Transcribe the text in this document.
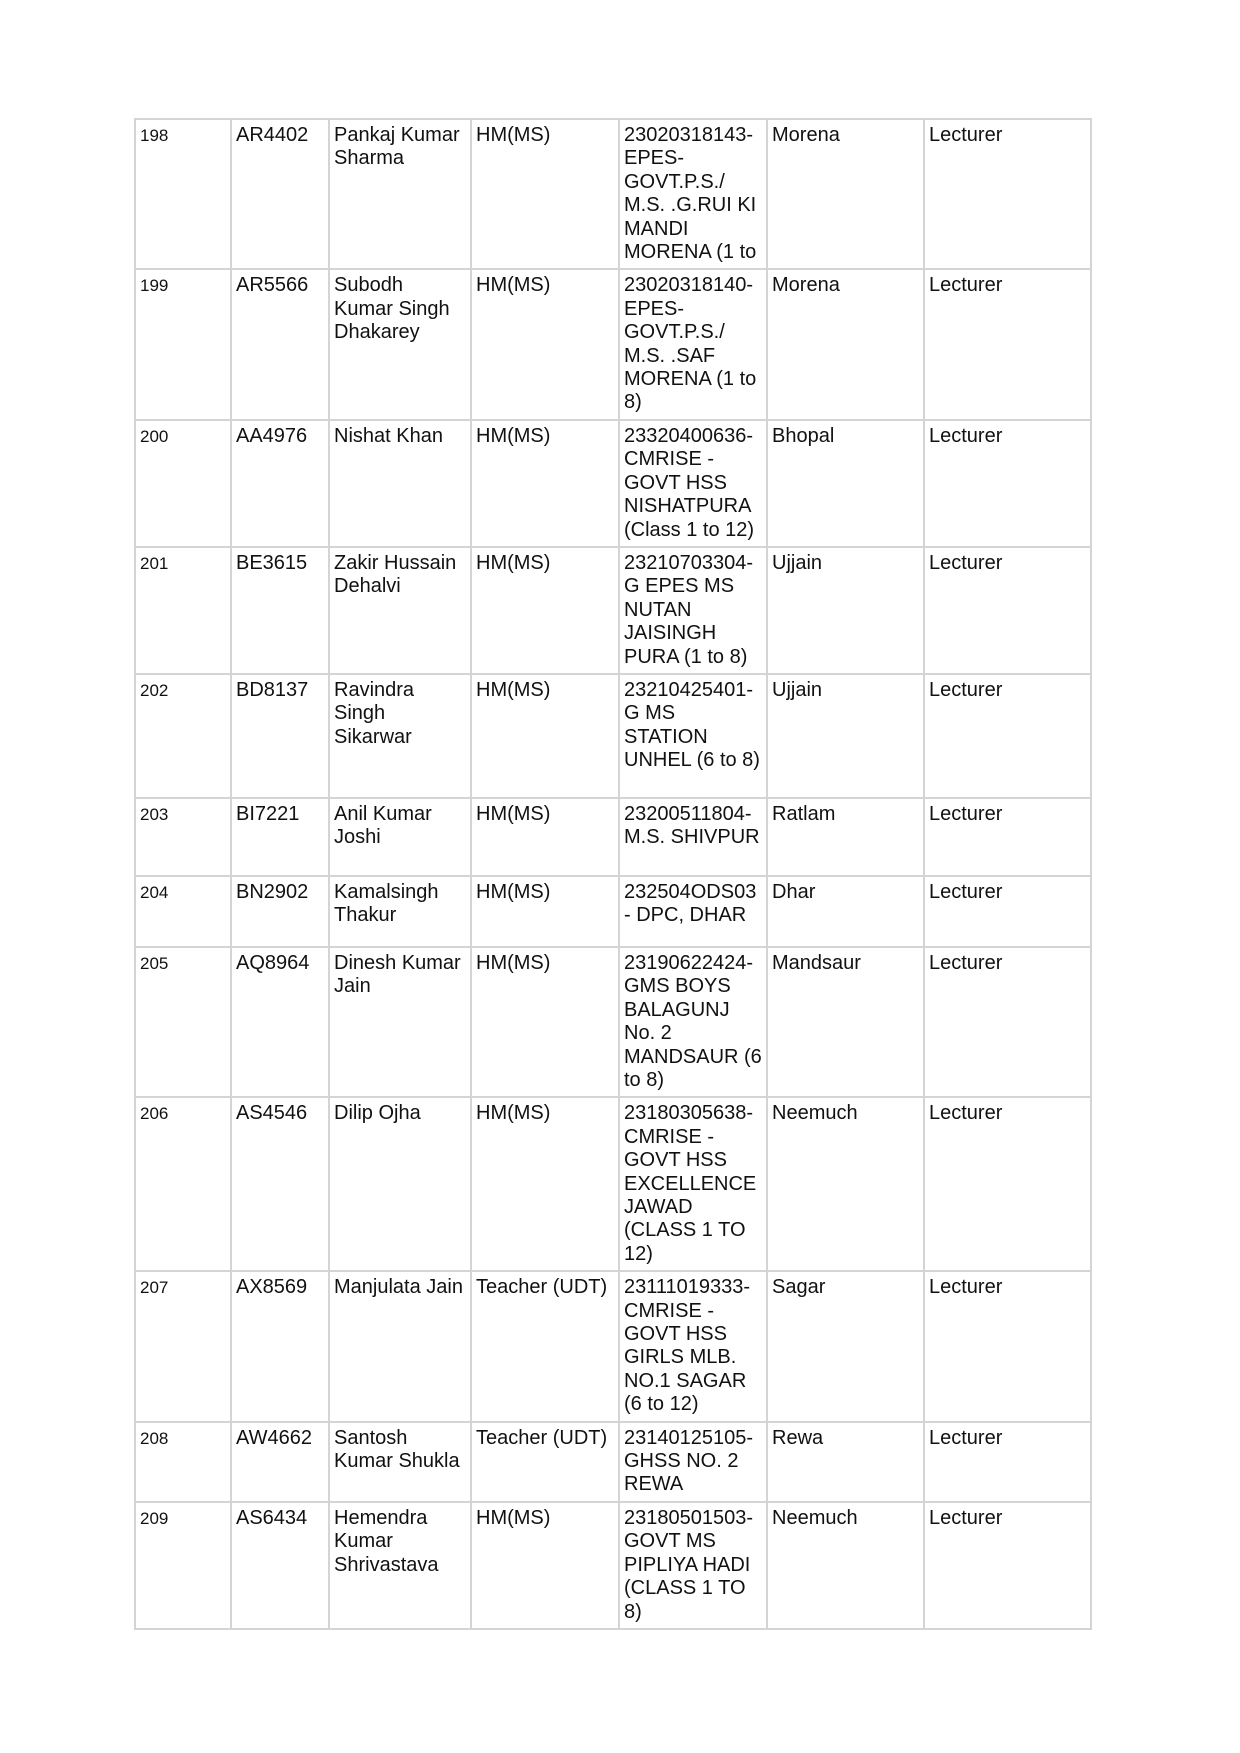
198	AR4402	Pankaj Kumar Sharma	HM(MS)	23020318143-EPES-GOVT.P.S./ M.S. .G.RUI KI MANDI MORENA (1 to	Morena	Lecturer
199	AR5566	Subodh Kumar Singh Dhakarey	HM(MS)	23020318140-EPES-GOVT.P.S./ M.S. .SAF MORENA (1 to 8)	Morena	Lecturer
200	AA4976	Nishat Khan	HM(MS)	23320400636-CMRISE - GOVT HSS NISHATPURA (Class 1 to 12)	Bhopal	Lecturer
201	BE3615	Zakir Hussain Dehalvi	HM(MS)	23210703304-G EPES MS NUTAN JAISINGH PURA (1 to 8)	Ujjain	Lecturer
202	BD8137	Ravindra Singh Sikarwar	HM(MS)	23210425401-G MS STATION UNHEL (6 to 8)	Ujjain	Lecturer
203	BI7221	Anil Kumar Joshi	HM(MS)	23200511804-M.S. SHIVPUR	Ratlam	Lecturer
204	BN2902	Kamalsingh Thakur	HM(MS)	232504ODS03 - DPC, DHAR	Dhar	Lecturer
205	AQ8964	Dinesh Kumar Jain	HM(MS)	23190622424-GMS BOYS BALAGUNJ No. 2 MANDSAUR (6 to 8)	Mandsaur	Lecturer
206	AS4546	Dilip Ojha	HM(MS)	23180305638-CMRISE - GOVT HSS EXCELLENCE JAWAD (CLASS 1 TO 12)	Neemuch	Lecturer
207	AX8569	Manjulata Jain	Teacher (UDT)	23111019333-CMRISE - GOVT HSS GIRLS MLB. NO.1 SAGAR (6 to 12)	Sagar	Lecturer
208	AW4662	Santosh Kumar Shukla	Teacher (UDT)	23140125105-GHSS NO. 2 REWA	Rewa	Lecturer
209	AS6434	Hemendra Kumar Shrivastava	HM(MS)	23180501503-GOVT MS PIPLIYA HADI (CLASS 1 TO 8)	Neemuch	Lecturer
